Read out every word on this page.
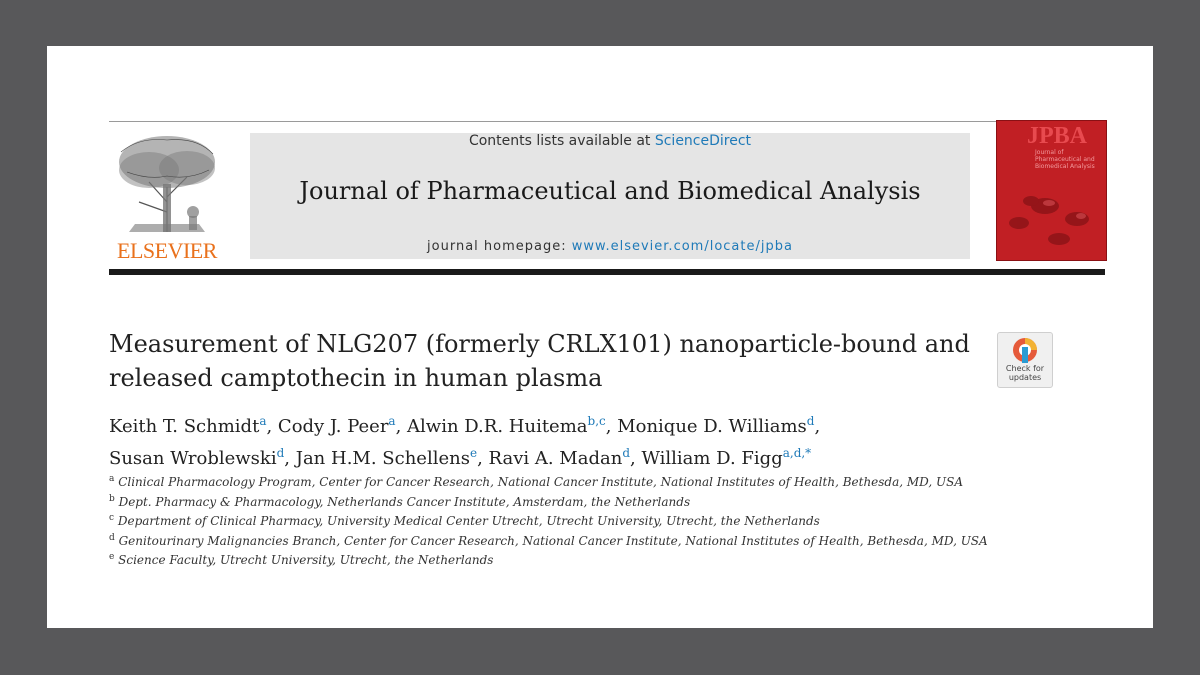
ELSEVIER
Contents lists available at ScienceDirect
Journal of Pharmaceutical and Biomedical Analysis
journal homepage: www.elsevier.com/locate/jpba
JPBA
Journal of Pharmaceutical and Biomedical Analysis
Measurement of NLG207 (formerly CRLX101) nanoparticle-bound and
released camptothecin in human plasma	Check for
updates
Keith T. Schmidt$^a$, Cody J. Peer$^a$, Alwin D.R. Huitema$^{b,c}$, Monique D. Williams$^d$,
Susan Wroblewski$^d$, Jan H.M. Schellens$^e$, Ravi A. Madan$^d$, William D. Figg$^{a,d,*}$
$^a$ Clinical Pharmacology Program, Center for Cancer Research, National Cancer Institute, National Institutes of Health, Bethesda, MD, USA
$^b$ Dept. Pharmacy & Pharmacology, Netherlands Cancer Institute, Amsterdam, the Netherlands
$^c$ Department of Clinical Pharmacy, University Medical Center Utrecht, Utrecht University, Utrecht, the Netherlands
$^d$ Genitourinary Malignancies Branch, Center for Cancer Research, National Cancer Institute, National Institutes of Health, Bethesda, MD, USA
$^e$ Science Faculty, Utrecht University, Utrecht, the Netherlands
